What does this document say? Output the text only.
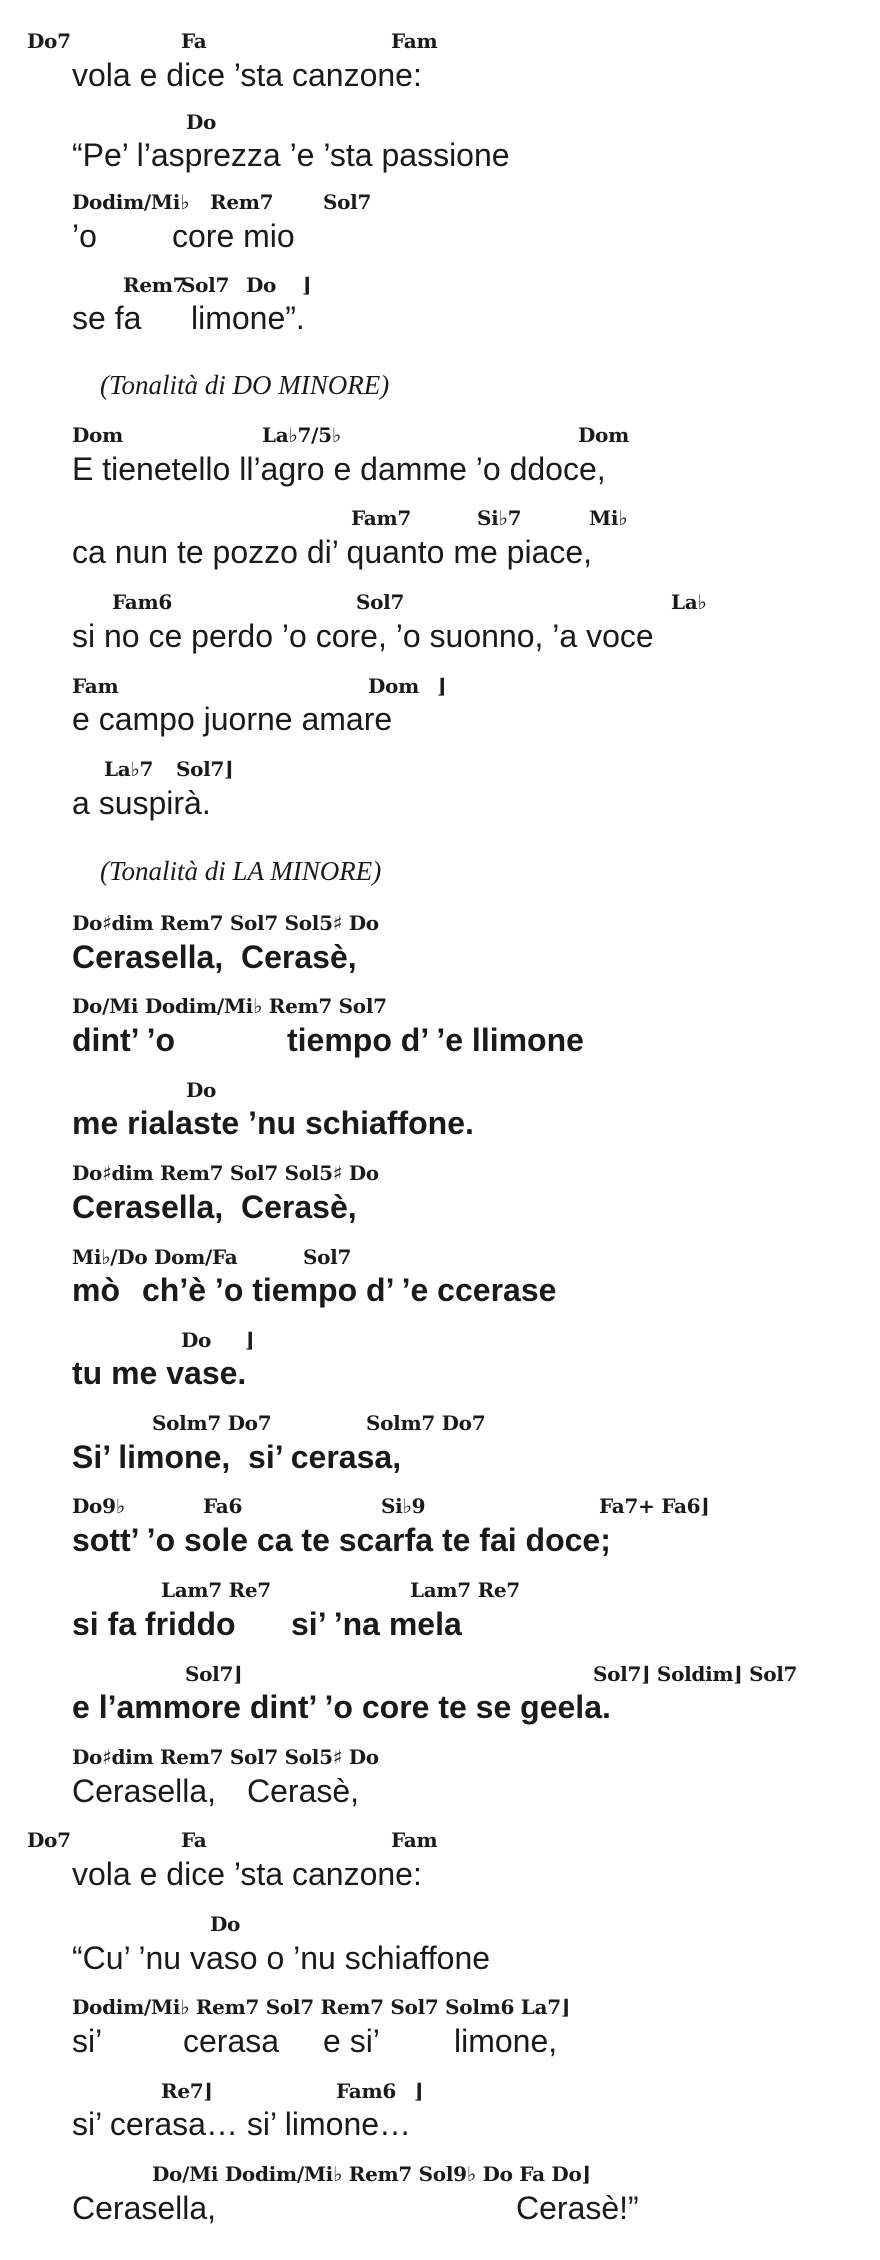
Do7	Fa	Fam
vola e dice ’sta canzone:
Do
“Pe’ l’asprezza ’e ’sta passione
Dodim/Mi♭ Rem7 Sol7
’o core mio
Rem7
Sol7 Do ⌋
se fa limone”.
(Tonalità di DO MINORE)
Dom	La♭7/5♭	Dom
E tienetello ll’agro e damme ’o ddoce,
Fam7	Si♭7	Mi♭
ca nun te pozzo di’ quanto me piace,
Fam6	Sol7	La♭
si no ce perdo ’o core, ’o suonno, ’a voce
Fam	Dom ⌋
e campo juorne amare
La♭7 Sol7⌋
a suspirà.
(Tonalità di LA MINORE)
Do♯dim Rem7 Sol7 Sol5♯ Do
Cerasella,  Cerasè,
Do/Mi Dodim/Mi♭ Rem7 Sol7
dint’ ’o	tiempo d’ ’e llimone
Do
me rialaste ’nu schiaffone.
Do♯dim Rem7 Sol7 Sol5♯ Do
Cerasella,  Cerasè,
Mi♭/Do Dom/Fa	Sol7
mò ch’è ’o tiempo d’ ’e ccerase
Do ⌋
tu me vase.
Solm7 Do7	Solm7 Do7
Si’ limone,  si’ cerasa,
Do9♭	Fa6	Si♭9	Fa7+ Fa6⌋
sott’ ’o sole ca te scarfa te fai doce;
Lam7 Re7	Lam7 Re7
si fa friddo si’ ’na mela
Sol7⌋	Sol7⌋ Soldim⌋ Sol7
e l’ammore dint’ ’o core te se geela.
Do♯dim Rem7 Sol7 Sol5♯ Do
Cerasella, Cerasè,
Do7	Fa	Fam
vola e dice ’sta canzone:
Do
“Cu’ ’nu vaso o ’nu schiaffone
Dodim/Mi♭ Rem7 Sol7 Rem7 Sol7 Solm6 La7⌋
si’	cerasa e si’ limone,
Re7⌋	Fam6 ⌋
si’ cerasa… si’ limone…
Do/Mi Dodim/Mi♭ Rem7 Sol9♭ Do Fa Do⌋
Cerasella,	Cerasè!”
